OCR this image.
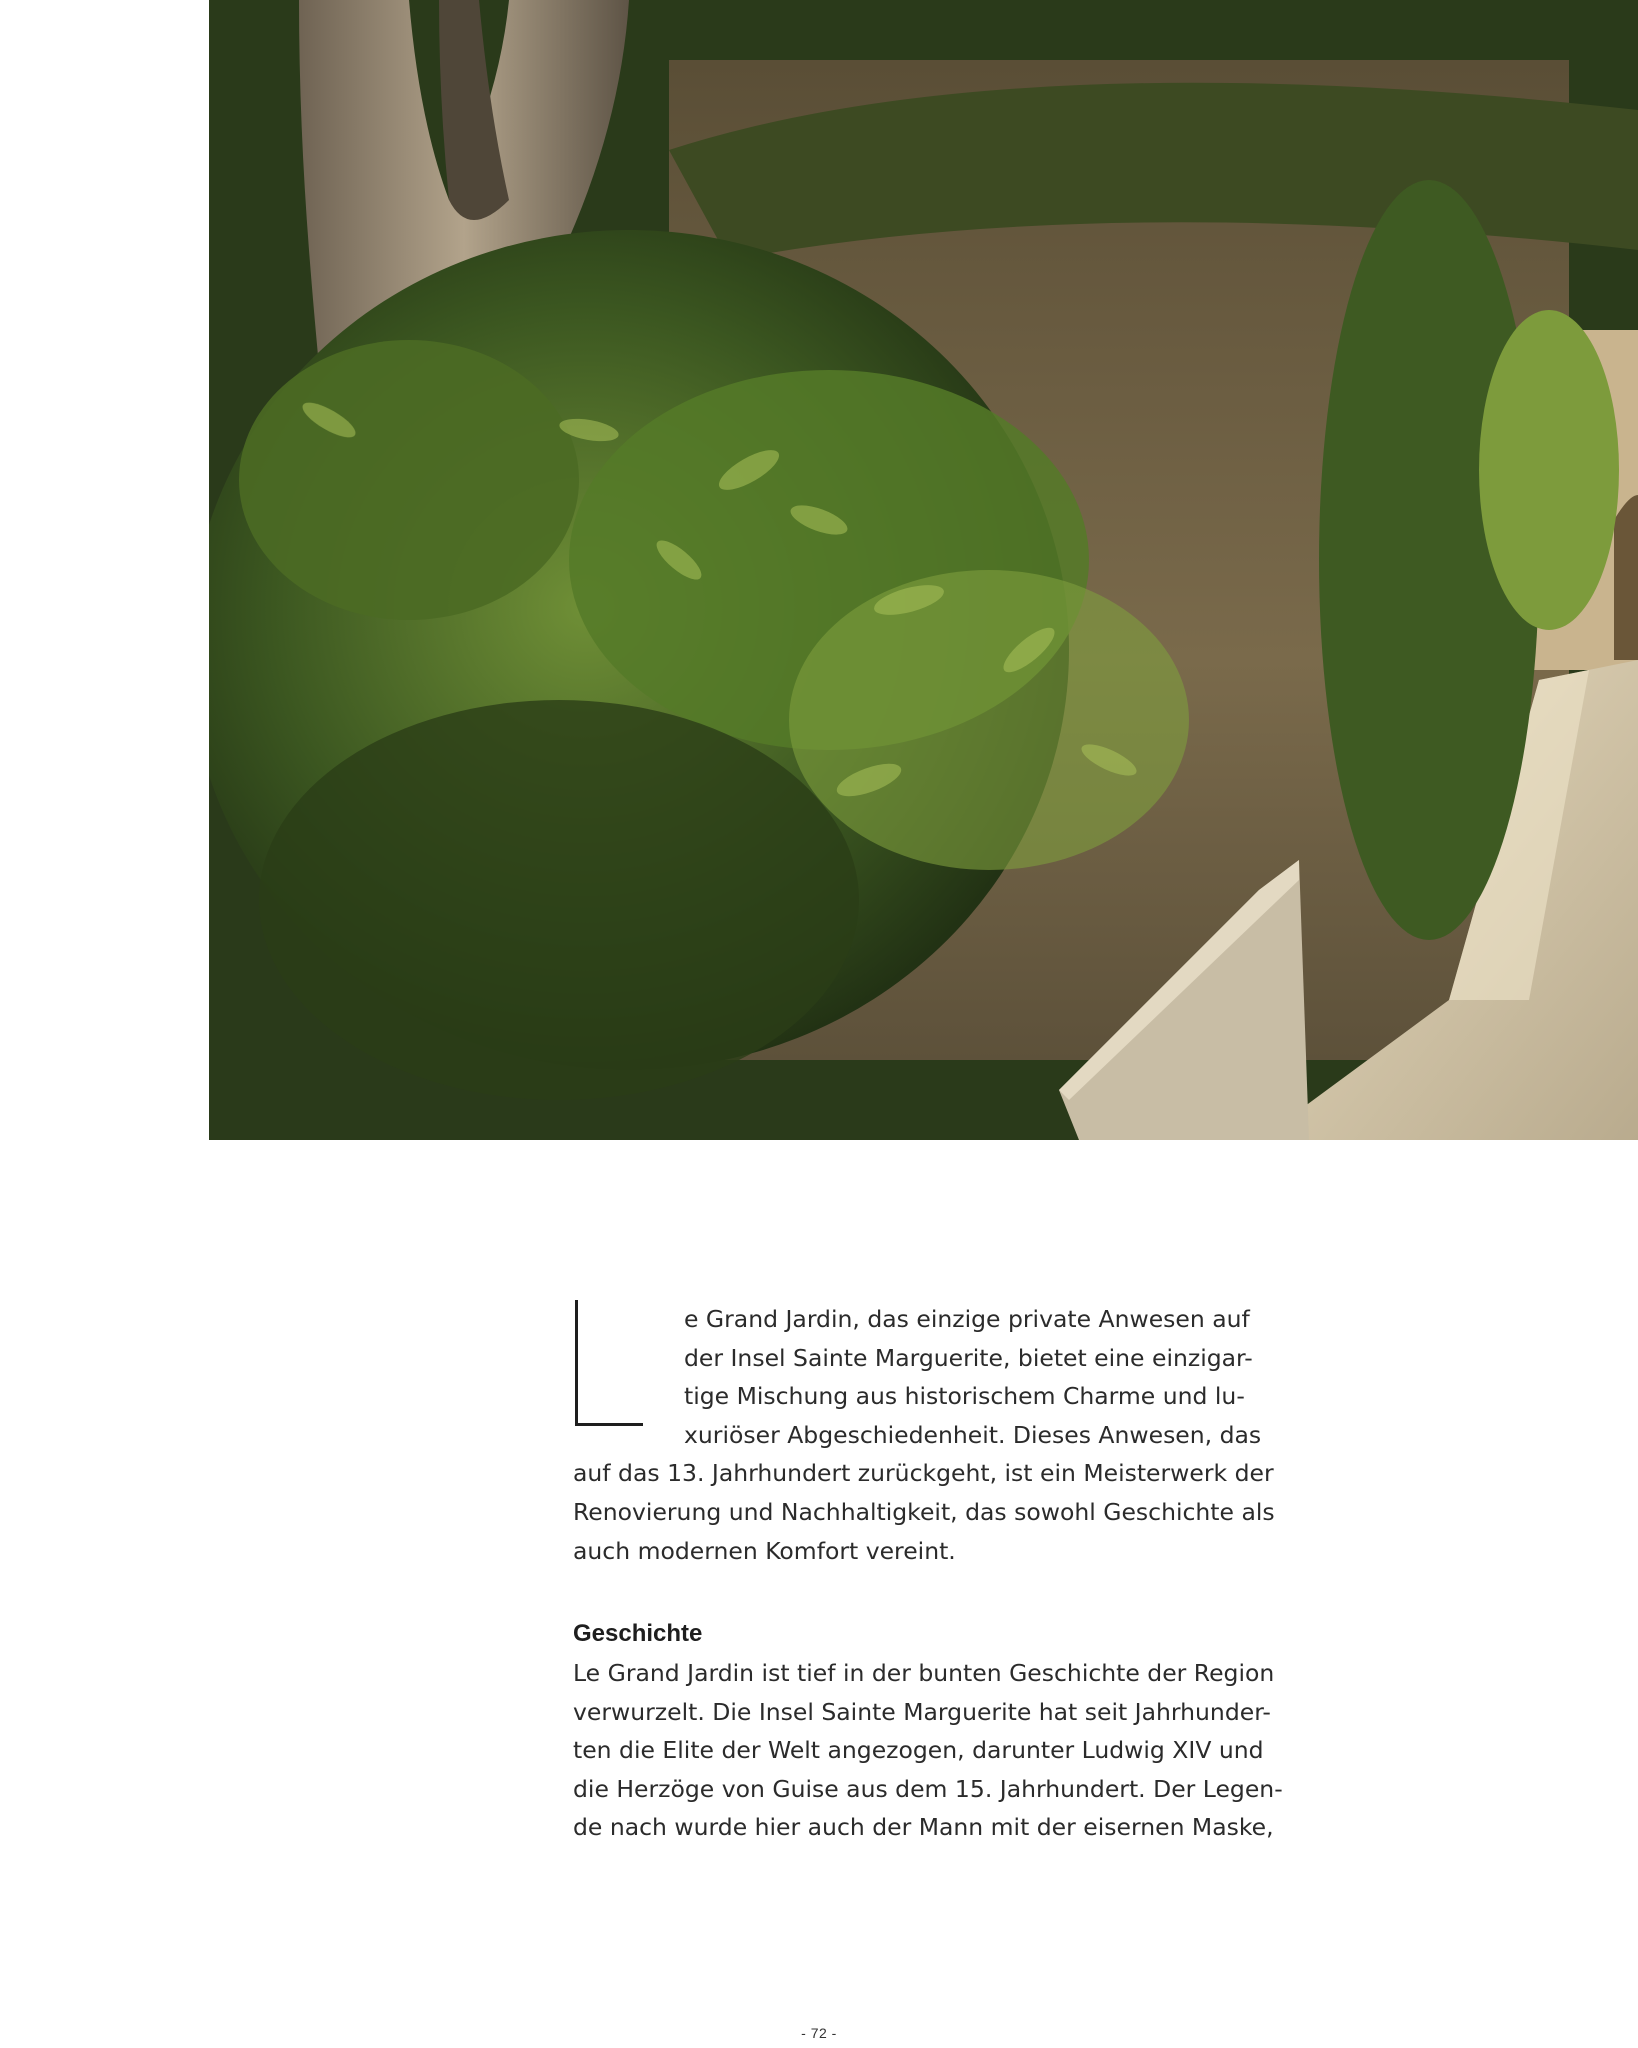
e Grand Jardin, das einzige private Anwesen auf
der Insel Sainte Marguerite, bietet eine einzigar-
tige Mischung aus historischem Charme und lu-
xuriöser Abgeschiedenheit. Dieses Anwesen, das
auf das 13. Jahrhundert zurückgeht, ist ein Meisterwerk der
Renovierung und Nachhaltigkeit, das sowohl Geschichte als
auch modernen Komfort vereint.
Geschichte
Le Grand Jardin ist tief in der bunten Geschichte der Region
verwurzelt. Die Insel Sainte Marguerite hat seit Jahrhunder-
ten die Elite der Welt angezogen, darunter Ludwig XIV und
die Herzöge von Guise aus dem 15. Jahrhundert. Der Legen-
de nach wurde hier auch der Mann mit der eisernen Maske,
- 72 -
